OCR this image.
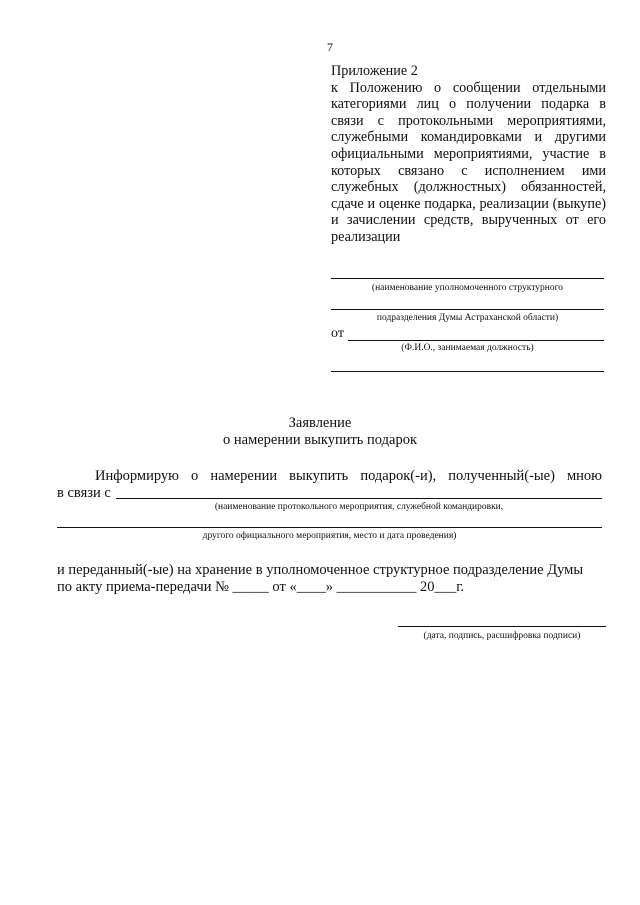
7
Приложение 2
к Положению о сообщении отдельными категориями лиц о получении подарка в связи с протокольными мероприятиями, служебными командировками и другими официальными мероприятиями, участие в которых связано с исполнением ими служебных (должностных) обязанностей, сдаче и оценке подарка, реализации (выкупе) и зачислении средств, вырученных от его реализации
(наименование уполномоченного структурного
подразделения Думы Астраханской области)
от
(Ф.И.О., занимаемая должность)
Заявление
о намерении выкупить подарок
Информирую о намерении выкупить подарок(-и), полученный(-ые) мною
в связи с
(наименование протокольного мероприятия, служебной командировки,
другого официального мероприятия, место и дата проведения)
и переданный(-ые) на хранение в уполномоченное структурное подразделение Думы
по акту приема-передачи № _____ от «____» ___________ 20___г.
(дата, подпись, расшифровка подписи)
